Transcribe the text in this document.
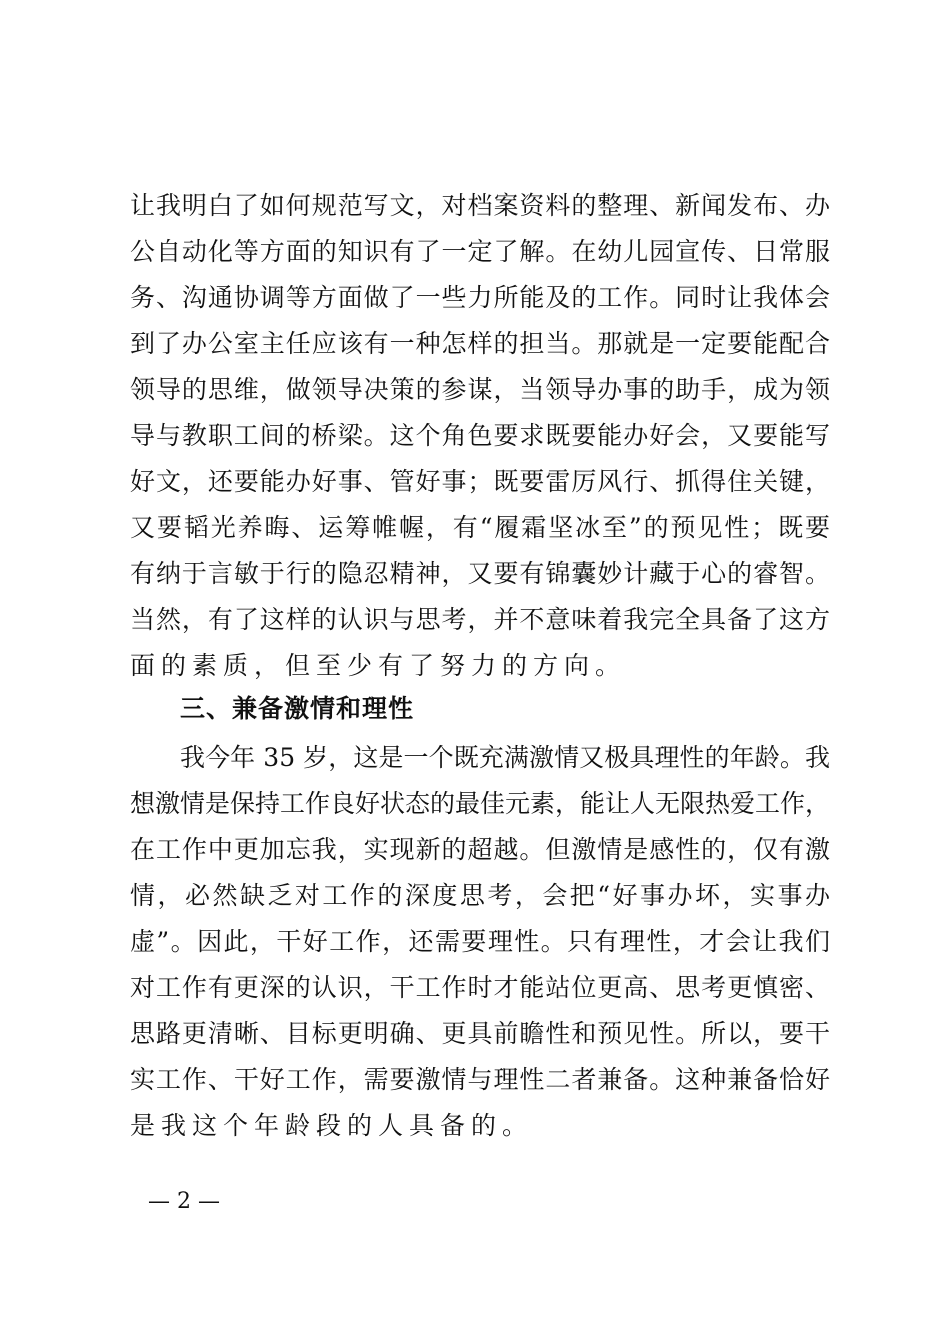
让我明白了如何规范写文，对档案资料的整理、新闻发布、办
公自动化等方面的知识有了一定了解。在幼儿园宣传、日常服
务、沟通协调等方面做了一些力所能及的工作。同时让我体会
到了办公室主任应该有一种怎样的担当。那就是一定要能配合
领导的思维，做领导决策的参谋，当领导办事的助手，成为领
导与教职工间的桥梁。这个角色要求既要能办好会，又要能写
好文，还要能办好事、管好事；既要雷厉风行、抓得住关键，
又要韬光养晦、运筹帷幄，有“履霜坚冰至”的预见性；既要
有纳于言敏于行的隐忍精神，又要有锦囊妙计藏于心的睿智。
当然，有了这样的认识与思考，并不意味着我完全具备了这方
面的素质，但至少有了努力的方向。
三、兼备激情和理性
我今年 35 岁，这是一个既充满激情又极具理性的年龄。我
想激情是保持工作良好状态的最佳元素，能让人无限热爱工作，
在工作中更加忘我，实现新的超越。但激情是感性的，仅有激
情，必然缺乏对工作的深度思考，会把“好事办坏，实事办
虚”。因此，干好工作，还需要理性。只有理性，才会让我们
对工作有更深的认识，干工作时才能站位更高、思考更慎密、
思路更清晰、目标更明确、更具前瞻性和预见性。所以，要干
实工作、干好工作，需要激情与理性二者兼备。这种兼备恰好
是我这个年龄段的人具备的。
— 2 —
